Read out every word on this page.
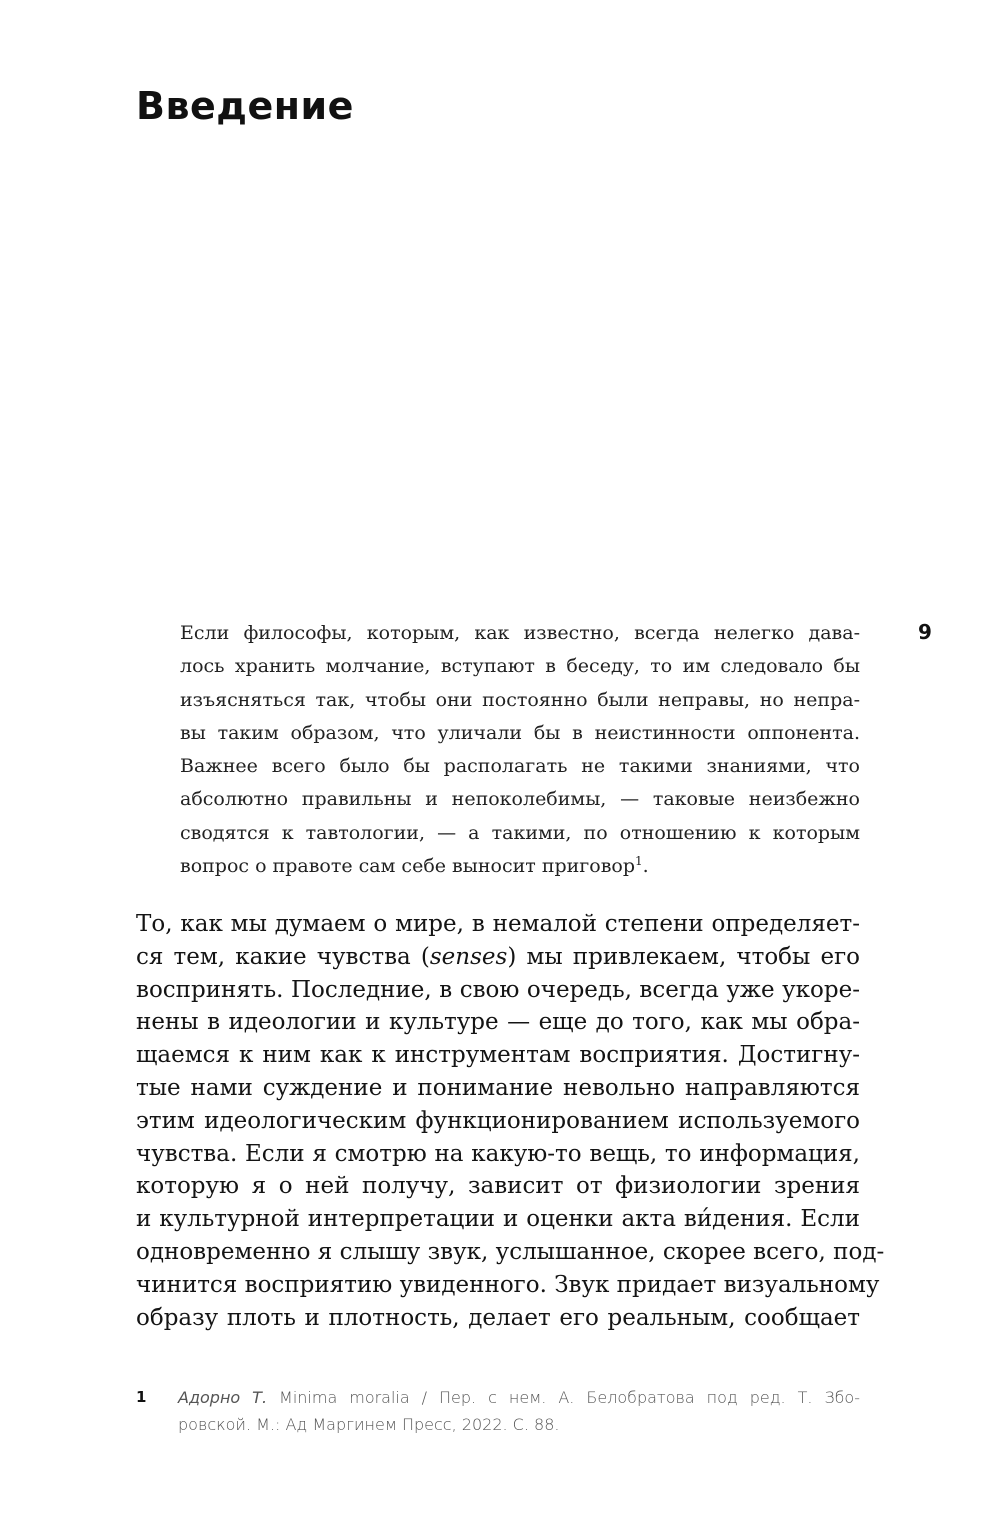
Введение
9
Если философы, которым, как известно, всегда нелегко дава-
лось хранить молчание, вступают в беседу, то им следовало бы
изъясняться так, чтобы они постоянно были неправы, но непра-
вы таким образом, что уличали бы в неистинности оппонента.
Важнее всего было бы располагать не такими знаниями, что
абсолютно правильны и непоколебимы, — таковые неизбежно
сводятся к тавтологии, — а такими, по отношению к которым
вопрос о правоте сам себе выносит приговор$^1$.
То, как мы думаем о мире, в немалой степени определяет-
ся тем, какие чувства (senses) мы привлекаем, чтобы его
воспринять. Последние, в свою очередь, всегда уже укоре-
нены в идеологии и культуре — еще до того, как мы обра-
щаемся к ним как к инструментам восприятия. Достигну-
тые нами суждение и понимание невольно направляются
этим идеологическим функционированием используемого
чувства. Если я смотрю на какую-то вещь, то информация,
которую я о ней получу, зависит от физиологии зрения
и культурной интерпретации и оценки акта ви́дения. Если
одновременно я слышу звук, услышанное, скорее всего, под-
чинится восприятию увиденного. Звук придает визуальному
образу плоть и плотность, делает его реальным, сообщает
1 Адорно Т. Minima moralia / Пер. с нем. А. Белобратова под ред. Т. Збо-
ровской. М.: Ад Маргинем Пресс, 2022. С. 88.
